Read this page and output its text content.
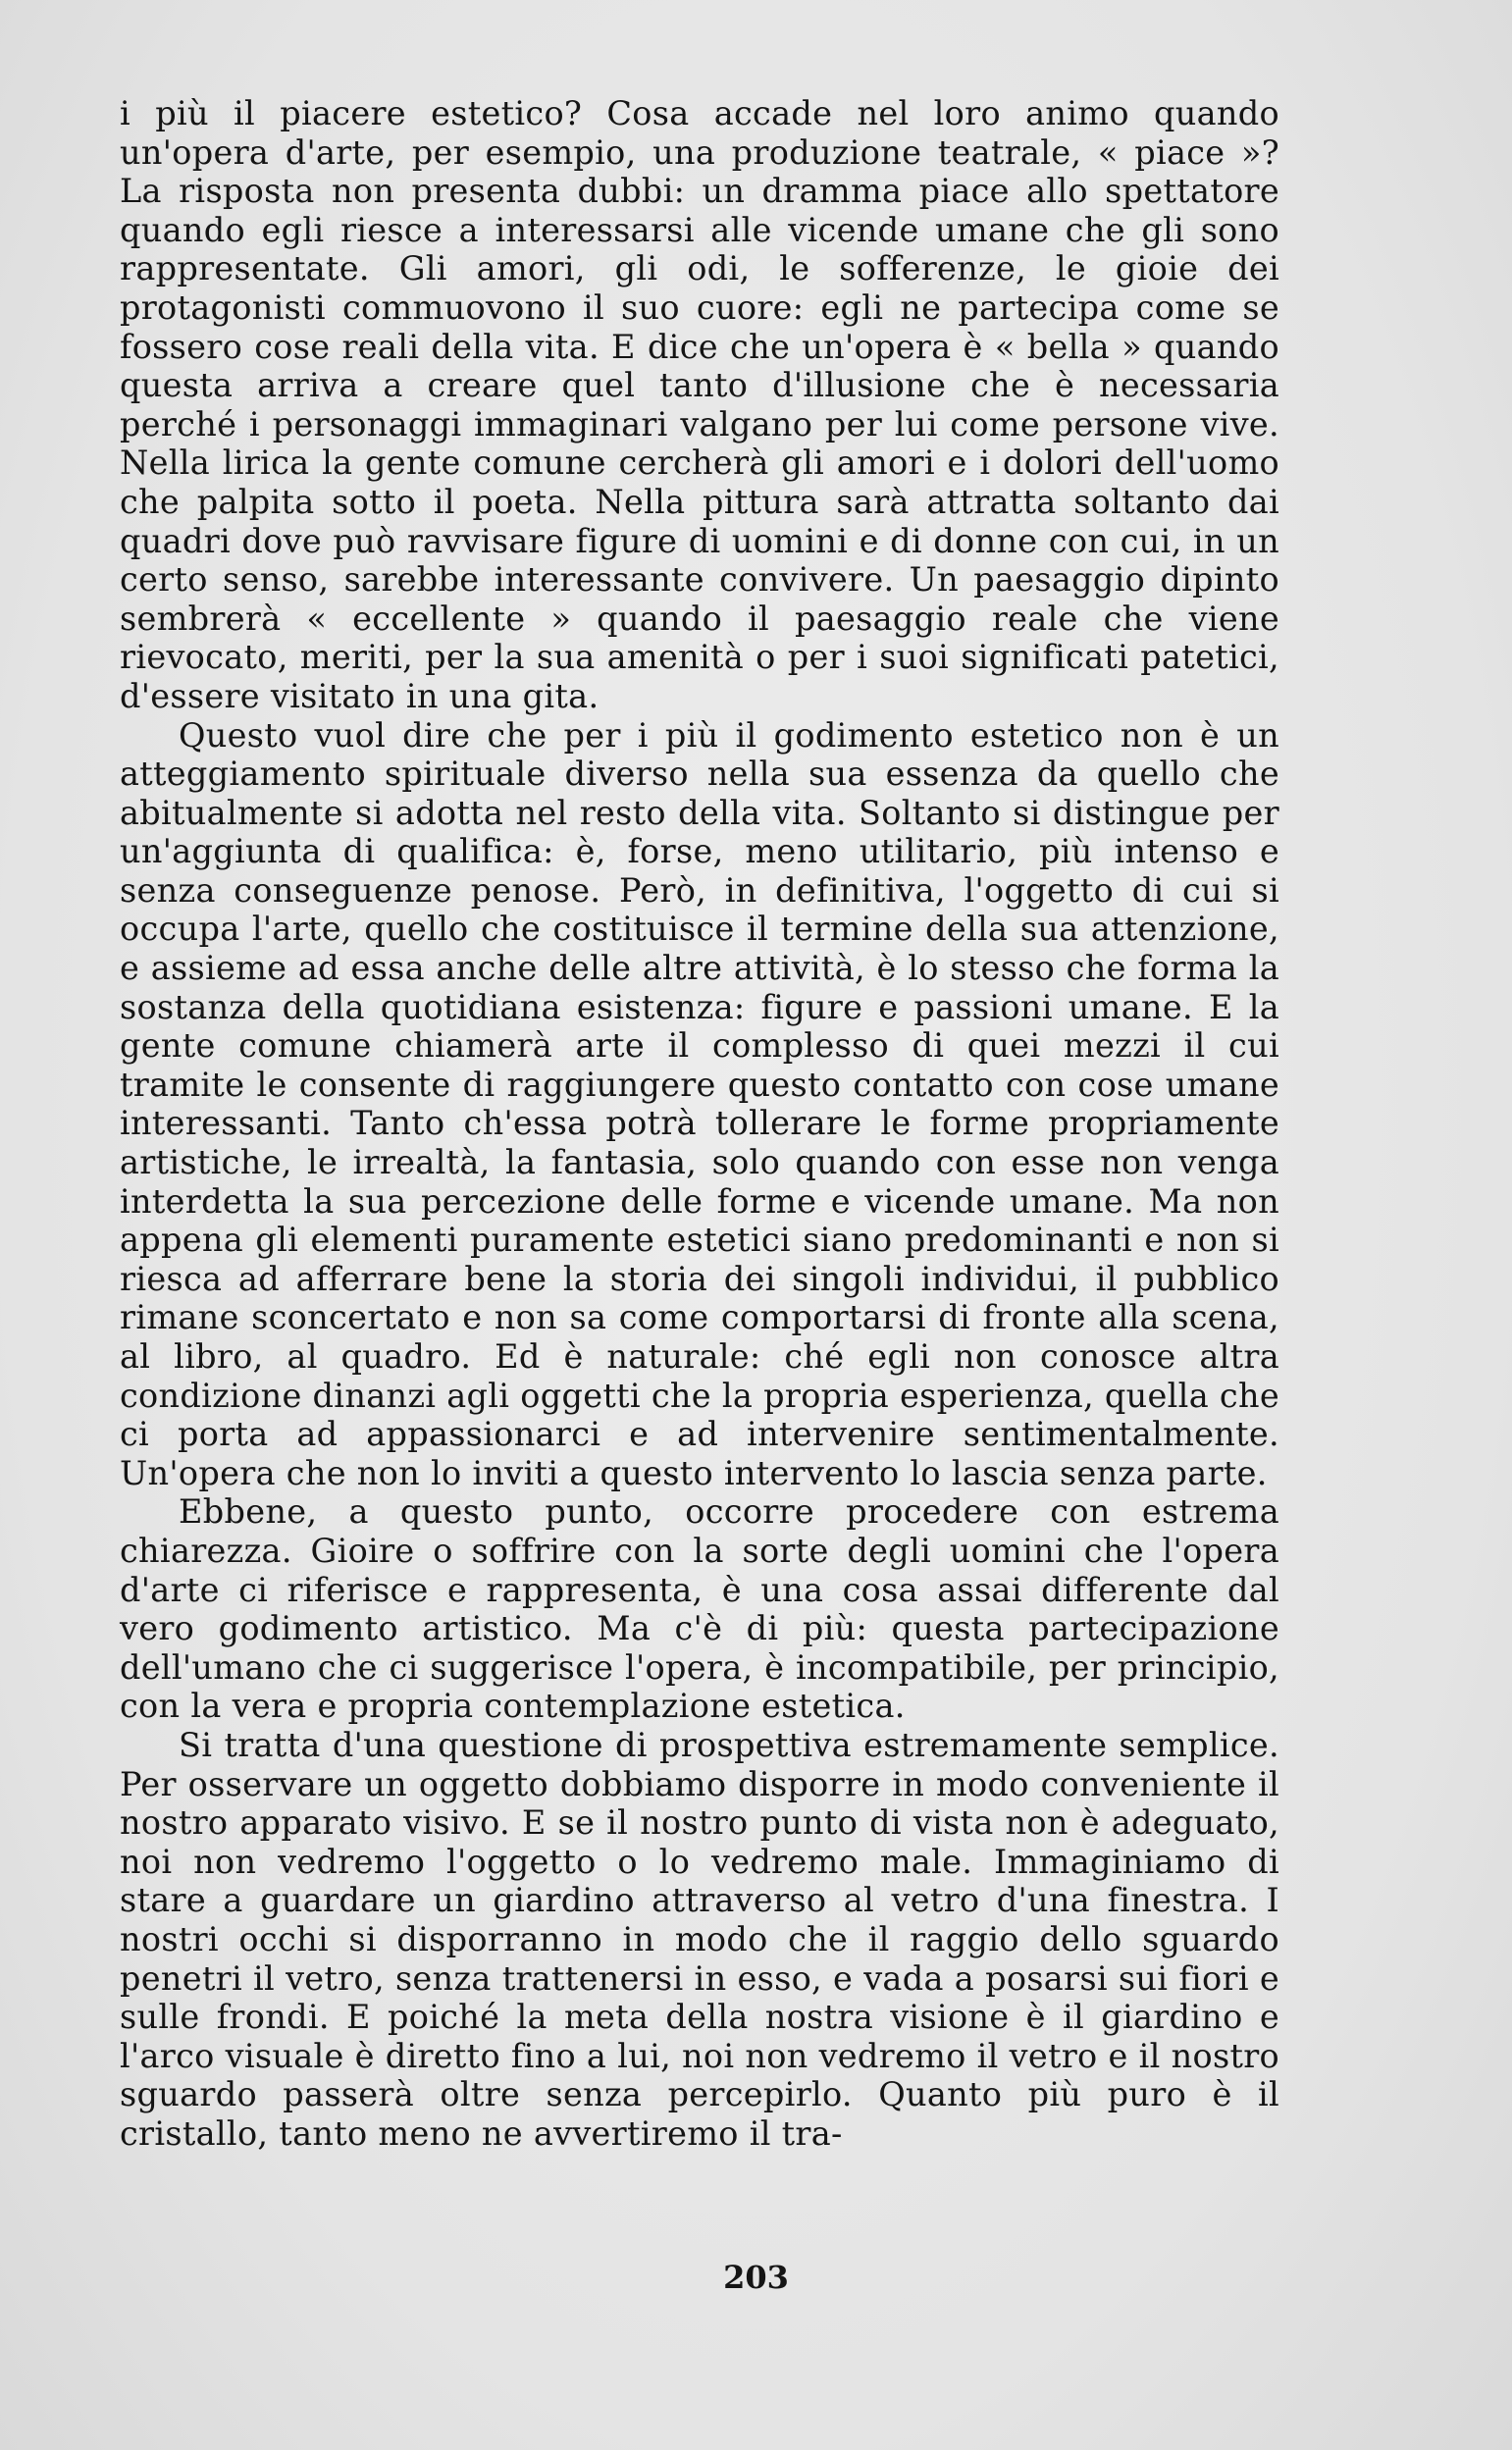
i più il piacere estetico? Cosa accade nel loro animo quando un'opera d'arte, per esempio, una produzione teatrale, « piace »? La risposta non presenta dubbi: un dramma piace allo spettatore quando egli riesce a interessarsi alle vicende umane che gli sono rappresentate. Gli amori, gli odi, le sofferenze, le gioie dei protagonisti commuovono il suo cuore: egli ne partecipa come se fossero cose reali della vita. E dice che un'opera è « bella » quando questa arriva a creare quel tanto d'illusione che è necessaria perché i personaggi immaginari valgano per lui come persone vive. Nella lirica la gente comune cercherà gli amori e i dolori dell'uomo che palpita sotto il poeta. Nella pittura sarà attratta soltanto dai quadri dove può ravvisare figure di uomini e di donne con cui, in un certo senso, sarebbe interessante convivere. Un paesaggio dipinto sembrerà « eccellente » quando il paesaggio reale che viene rievocato, meriti, per la sua amenità o per i suoi significati patetici, d'essere visitato in una gita.

Questo vuol dire che per i più il godimento estetico non è un atteggiamento spirituale diverso nella sua essenza da quello che abitualmente si adotta nel resto della vita. Soltanto si distingue per un'aggiunta di qualifica: è, forse, meno utilitario, più intenso e senza conseguenze penose. Però, in definitiva, l'oggetto di cui si occupa l'arte, quello che costituisce il termine della sua attenzione, e assieme ad essa anche delle altre attività, è lo stesso che forma la sostanza della quotidiana esistenza: figure e passioni umane. E la gente comune chiamerà arte il complesso di quei mezzi il cui tramite le consente di raggiungere questo contatto con cose umane interessanti. Tanto ch'essa potrà tollerare le forme propriamente artistiche, le irrealtà, la fantasia, solo quando con esse non venga interdetta la sua percezione delle forme e vicende umane. Ma non appena gli elementi puramente estetici siano predominanti e non si riesca ad afferrare bene la storia dei singoli individui, il pubblico rimane sconcertato e non sa come comportarsi di fronte alla scena, al libro, al quadro. Ed è naturale: ché egli non conosce altra condizione dinanzi agli oggetti che la propria esperienza, quella che ci porta ad appassionarci e ad intervenire sentimentalmente. Un'opera che non lo inviti a questo intervento lo lascia senza parte.

Ebbene, a questo punto, occorre procedere con estrema chiarezza. Gioire o soffrire con la sorte degli uomini che l'opera d'arte ci riferisce e rappresenta, è una cosa assai differente dal vero godimento artistico. Ma c'è di più: questa partecipazione dell'umano che ci suggerisce l'opera, è incompatibile, per principio, con la vera e propria contemplazione estetica.

Si tratta d'una questione di prospettiva estremamente semplice. Per osservare un oggetto dobbiamo disporre in modo conveniente il nostro apparato visivo. E se il nostro punto di vista non è adeguato, noi non vedremo l'oggetto o lo vedremo male. Immaginiamo di stare a guardare un giardino attraverso al vetro d'una finestra. I nostri occhi si disporranno in modo che il raggio dello sguardo penetri il vetro, senza trattenersi in esso, e vada a posarsi sui fiori e sulle frondi. E poiché la meta della nostra visione è il giardino e l'arco visuale è diretto fino a lui, noi non vedremo il vetro e il nostro sguardo passerà oltre senza percepirlo. Quanto più puro è il cristallo, tanto meno ne avvertiremo il tra-

203
